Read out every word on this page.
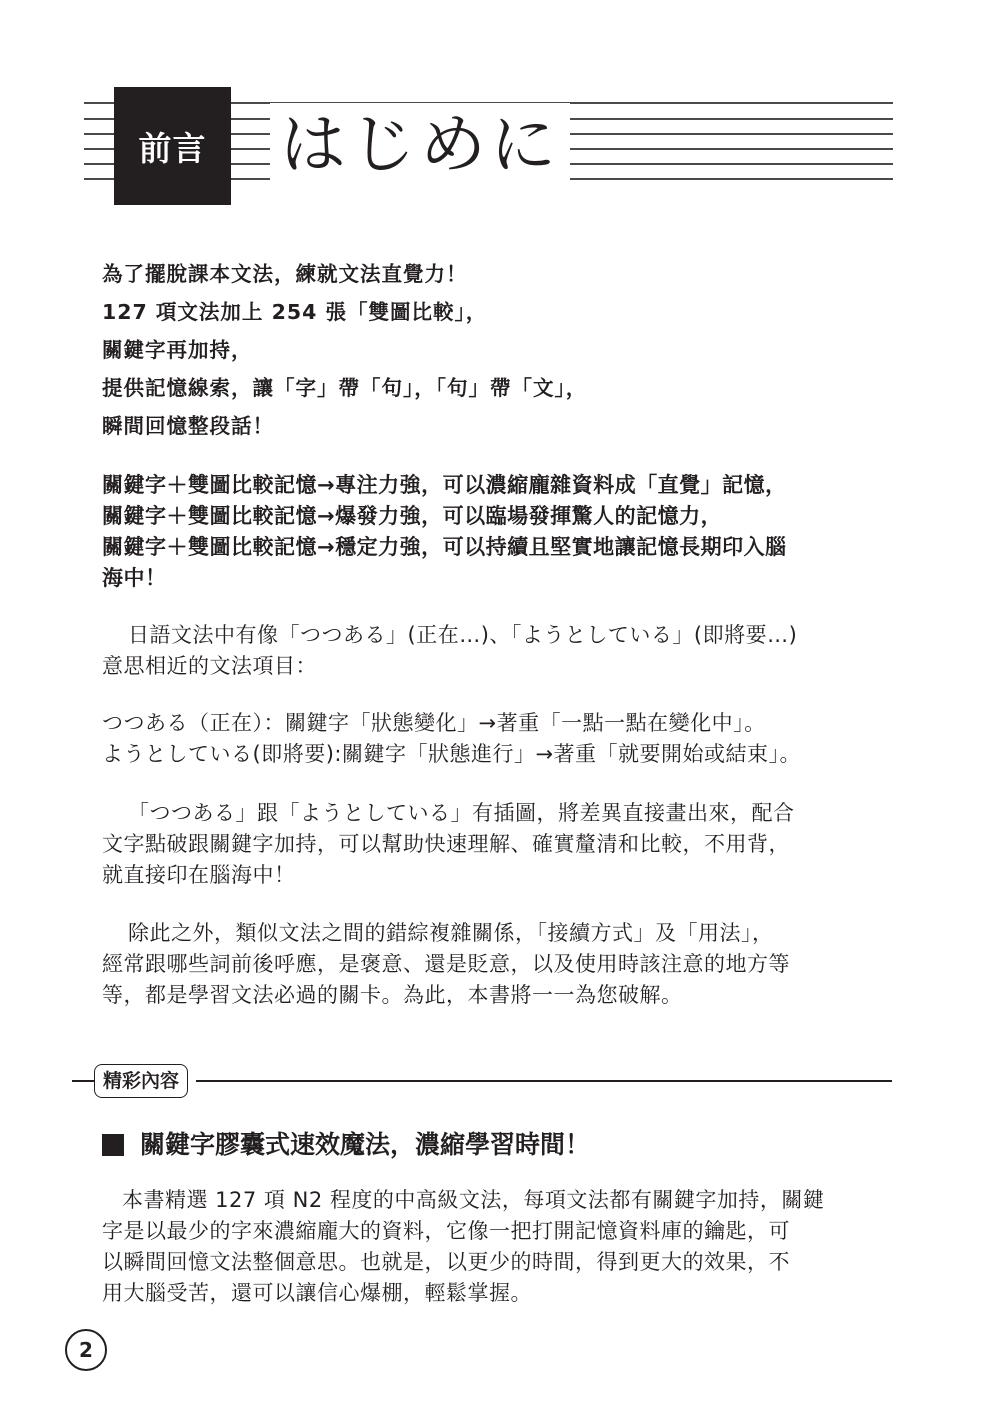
前言	はじめに
為了擺脫課本文法，練就文法直覺力！
127 項文法加上 254 張「雙圖比較」，
關鍵字再加持，
提供記憶線索，讓「字」帶「句」，「句」帶「文」，
瞬間回憶整段話！
關鍵字＋雙圖比較記憶→專注力強，可以濃縮龐雜資料成「直覺」記憶，
關鍵字＋雙圖比較記憶→爆發力強，可以臨場發揮驚人的記憶力，
關鍵字＋雙圖比較記憶→穩定力強，可以持續且堅實地讓記憶長期印入腦
海中！
日語文法中有像「つつある」(正在…)、「ようとしている」(即將要…)
意思相近的文法項目：
つつある（正在）：關鍵字「狀態變化」→著重「一點一點在變化中」。
ようとしている(即將要):關鍵字「狀態進行」→著重「就要開始或結束」。
「つつある」跟「ようとしている」有插圖，將差異直接畫出來，配合
文字點破跟關鍵字加持，可以幫助快速理解、確實釐清和比較，不用背，
就直接印在腦海中！
除此之外，類似文法之間的錯綜複雜關係，「接續方式」及「用法」，
經常跟哪些詞前後呼應，是褒意、還是貶意，以及使用時該注意的地方等
等，都是學習文法必過的關卡。為此，本書將一一為您破解。
精彩內容
關鍵字膠囊式速效魔法，濃縮學習時間！
本書精選 127 項 N2 程度的中高級文法，每項文法都有關鍵字加持，關鍵
字是以最少的字來濃縮龐大的資料，它像一把打開記憶資料庫的鑰匙，可
以瞬間回憶文法整個意思。也就是，以更少的時間，得到更大的效果，不
用大腦受苦，還可以讓信心爆棚，輕鬆掌握。
2
